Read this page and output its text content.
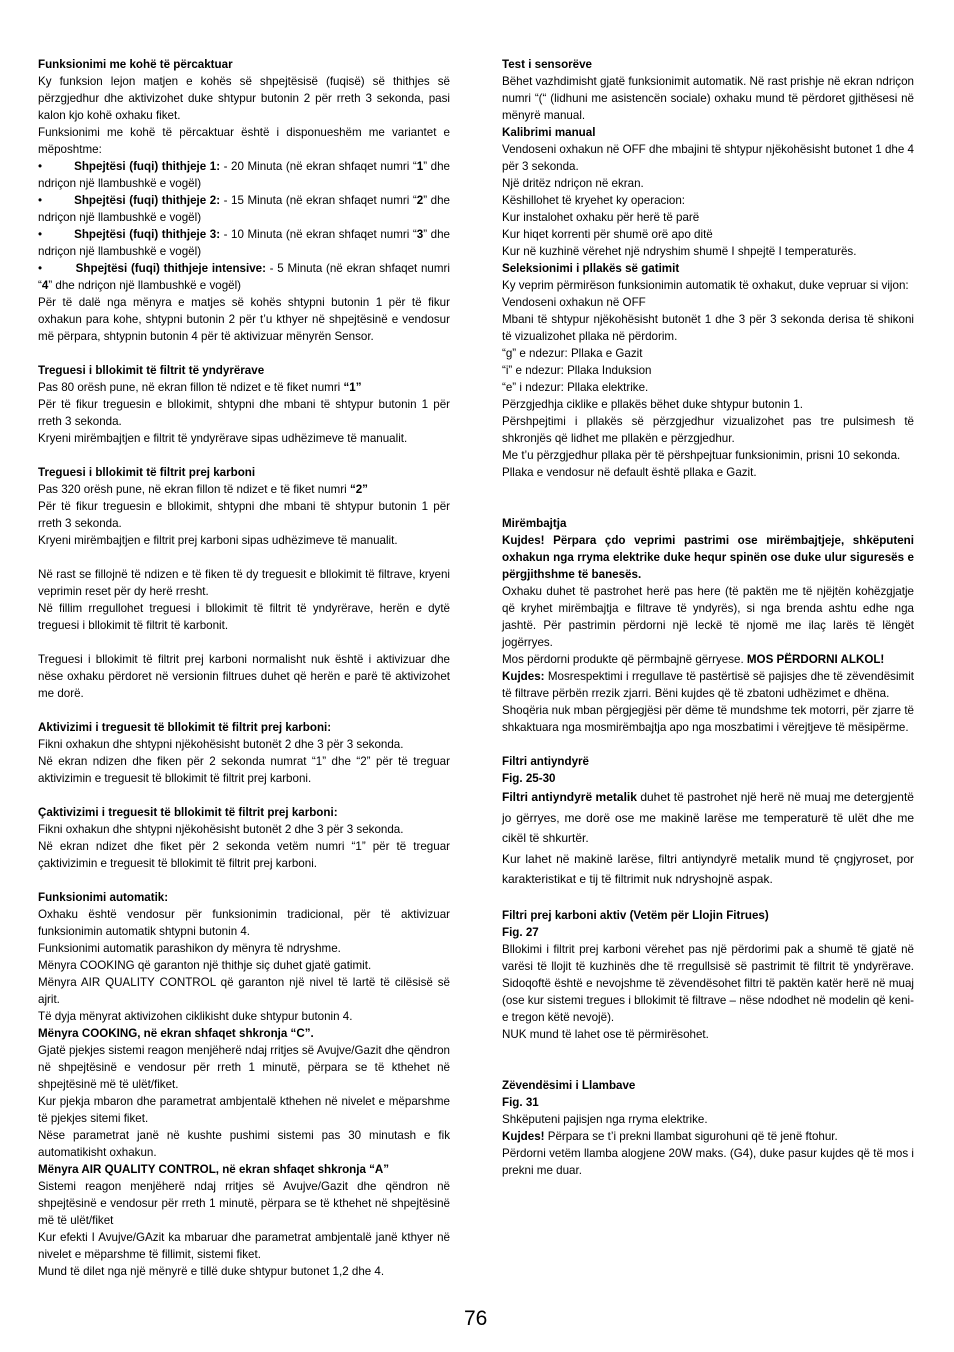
Funksionimi me kohë të përcaktuar

Ky funksion lejon matjen e kohës së shpejtësisë (fuqisë) së thithjes së përzgjedhur dhe aktivizohet duke shtypur butonin 2 për rreth 3 sekonda, pasi kalon kjo kohë oxhaku fiket.

Funksionimi me kohë të përcaktuar është i disponueshëm me variantet e mëposhtme:

•         Shpejtësi (fuqi) thithjeje 1: - 20 Minuta (në ekran shfaqet numri “1” dhe ndriçon një llambushkë e vogël)

•         Shpejtësi (fuqi) thithjeje 2: - 15 Minuta (në ekran shfaqet numri “2” dhe ndriçon një llambushkë e vogël)

•         Shpejtësi (fuqi) thithjeje 3: - 10 Minuta (në ekran shfaqet numri “3” dhe ndriçon një llambushkë e vogël)

•         Shpejtësi (fuqi) thithjeje intensive: - 5 Minuta (në ekran shfaqet numri “4” dhe ndriçon një llambushkë e vogël)

Për të dalë nga mënyra e matjes së kohës shtypni butonin 1 për të fikur oxhakun para kohe, shtypni butonin 2 për t’u kthyer në shpejtësinë e vendosur më përpara, shtypnin butonin 4 për të aktivizuar mënyrën Sensor.

Treguesi i bllokimit të filtrit të yndyrërave

Pas 80 orësh pune, në ekran fillon të ndizet e të fiket numri “1”

Për të fikur treguesin e bllokimit, shtypni dhe mbani të shtypur butonin 1 për rreth 3 sekonda.

Kryeni mirëmbajtjen e filtrit të yndyrërave sipas udhëzimeve të manualit.

Treguesi i bllokimit të filtrit prej karboni

Pas 320 orësh pune, në ekran fillon të ndizet e të fiket numri “2”

Për të fikur treguesin e bllokimit, shtypni dhe mbani të shtypur butonin 1 për rreth 3 sekonda.

Kryeni mirëmbajtjen e filtrit prej karboni sipas udhëzimeve të manualit.

Në rast se fillojnë të ndizen e të fiken të dy treguesit e bllokimit të filtrave, kryeni veprimin reset për dy herë rresht.

Në fillim rregullohet treguesi i bllokimit të filtrit të yndyrërave, herën e dytë treguesi i bllokimit të filtrit të karbonit.

Treguesi i bllokimit të filtrit prej karboni normalisht nuk është i aktivizuar dhe nëse oxhaku përdoret në versionin filtrues duhet që herën e parë të aktivizohet me dorë.

Aktivizimi i treguesit të bllokimit të filtrit prej karboni:

Fikni oxhakun dhe shtypni njëkohësisht butonët 2 dhe 3 për 3 sekonda.

Në ekran ndizen dhe fiken për 2 sekonda numrat “1” dhe “2” për të treguar aktivizimin e treguesit të bllokimit të filtrit prej karboni.

Çaktivizimi i treguesit të bllokimit të filtrit prej karboni:

Fikni oxhakun dhe shtypni njëkohësisht butonët 2 dhe 3 për 3 sekonda.

Në ekran ndizet dhe fiket për 2 sekonda vetëm numri “1” për të treguar çaktivizimin e treguesit të bllokimit të filtrit prej karboni.

Funksionimi automatik:

Oxhaku është vendosur për funksionimin tradicional, për të aktivizuar funksionimin automatik shtypni butonin 4.

Funksionimi automatik parashikon dy mënyra të ndryshme.

Mënyra COOKING që garanton një thithje siç duhet gjatë gatimit.

Mënyra AIR QUALITY CONTROL që garanton një nivel të lartë të cilësisë së ajrit.

Të dyja mënyrat aktivizohen ciklikisht duke shtypur butonin 4.

Mënyra COOKING, në ekran shfaqet shkronja “C”.

Gjatë pjekjes sistemi reagon menjëherë ndaj rritjes së Avujve/Gazit dhe qëndron në shpejtësinë e vendosur për rreth 1 minutë, përpara se të kthehet në shpejtësinë më të ulët/fiket.

Kur pjekja mbaron dhe parametrat ambjentalë kthehen në nivelet e mëparshme të pjekjes sitemi fiket.

Nëse parametrat janë në kushte pushimi sistemi pas 30 minutash e fik automatikisht oxhakun.

Mënyra AIR QUALITY CONTROL, në ekran shfaqet shkronja “A”

Sistemi reagon menjëherë ndaj rritjes së Avujve/Gazit dhe qëndron në shpejtësinë e vendosur për rreth 1 minutë, përpara se të kthehet në shpejtësinë më të ulët/fiket

Kur efekti I Avujve/GAzit ka mbaruar dhe parametrat ambjentalë janë kthyer në nivelet e mëparshme të fillimit, sistemi fiket.

Mund të dilet nga një mënyrë e tillë duke shtypur butonet 1,2 dhe 4.

Test i sensorëve

Bëhet vazhdimisht gjatë funksionimit automatik. Në rast prishje në ekran ndriçon numri “(“ (lidhuni me asistencën sociale) oxhaku mund të përdoret gjithësesi në mënyrë manual.

Kalibrimi manual

Vendoseni oxhakun në OFF dhe mbajini të shtypur njëkohësisht butonet 1 dhe 4 për 3 sekonda.

Një dritëz ndriçon në ekran.

Këshillohet të kryehet ky operacion:

Kur instalohet oxhaku për herë të parë

Kur hiqet korrenti për shumë orë apo ditë

Kur në kuzhinë vërehet një ndryshim shumë I shpejtë I temperaturës.

Seleksionimi i pllakës së gatimit

Ky veprim përmirëson funksionimin automatik të oxhakut, duke vepruar si vijon:

Vendoseni oxhakun në OFF

Mbani të shtypur njëkohësisht butonët 1 dhe 3 për 3 sekonda derisa të shikoni të vizualizohet pllaka në përdorim.

“g” e ndezur: Pllaka e Gazit

“i” e ndezur: Pllaka Induksion

“e” i ndezur: Pllaka elektrike.

Përzgjedhja ciklike e pllakës bëhet duke shtypur butonin 1.

Përshpejtimi i pllakës së përzgjedhur vizualizohet pas tre pulsimesh të shkronjës që lidhet me pllakën e përzgjedhur.

Me t’u përzgjedhur pllaka për të përshpejtuar funksionimin, prisni 10 sekonda.

Pllaka e vendosur në default është pllaka e Gazit.

Mirëmbajtja

Kujdes! Përpara çdo veprimi pastrimi ose mirëmbajtjeje, shkëputeni oxhakun nga rryma elektrike duke hequr spinën ose duke ulur siguresës e përgjithshme të banesës.

Oxhaku duhet të pastrohet herë pas here (të paktën me të njëjtën kohëzgjatje që kryhet mirëmbajtja e filtrave të yndyrës), si nga brenda ashtu edhe nga jashtë. Për pastrimin përdorni një leckë të njomë me ilaç larës të lëngët jogërryes.

Mos përdorni produkte që përmbajnë gërryese. MOS PËRDORNI ALKOL!

Kujdes: Mosrespektimi i rregullave të pastërtisë së pajisjes dhe të zëvendësimit të filtrave përbën rrezik zjarri. Bëni kujdes që të zbatoni udhëzimet e dhëna.

Shoqëria nuk mban përgjegjësi për dëme të mundshme tek motorri, për zjarre të shkaktuara nga mosmirëmbajtja apo nga moszbatimi i vërejtjeve të mësipërme.

Filtri antiyndyrë

Fig. 25-30

Filtri antiyndyrë metalik duhet të pastrohet një herë në muaj me detergjentë jo gërryes, me dorë ose me makinë larëse me temperaturë të ulët dhe me cikël të shkurtër.

Kur lahet në makinë larëse, filtri antiyndyrë metalik mund të çngjyroset, por karakteristikat e tij të filtrimit nuk ndryshojnë aspak.

Filtri prej karboni aktiv (Vetëm për Llojin Fitrues)

Fig. 27

Bllokimi i filtrit prej karboni vërehet pas një përdorimi pak a shumë të gjatë në varësi të llojit të kuzhinës dhe të rregullsisë së pastrimit të filtrit të yndyrërave. Sidoqoftë është e nevojshme të zëvendësohet filtri të paktën katër herë në muaj (ose kur sistemi tregues i bllokimit të filtrave – nëse ndodhet në modelin që keni- e tregon këtë nevojë).

NUK mund të lahet ose të përmirësohet.

Zëvendësimi i Llambave

Fig. 31

Shkëputeni pajisjen nga rryma elektrike.

Kujdes! Përpara se t’i prekni llambat sigurohuni që të jenë ftohur.

Përdorni vetëm llamba alogjene 20W maks. (G4), duke pasur kujdes që të mos i prekni me duar.

76
